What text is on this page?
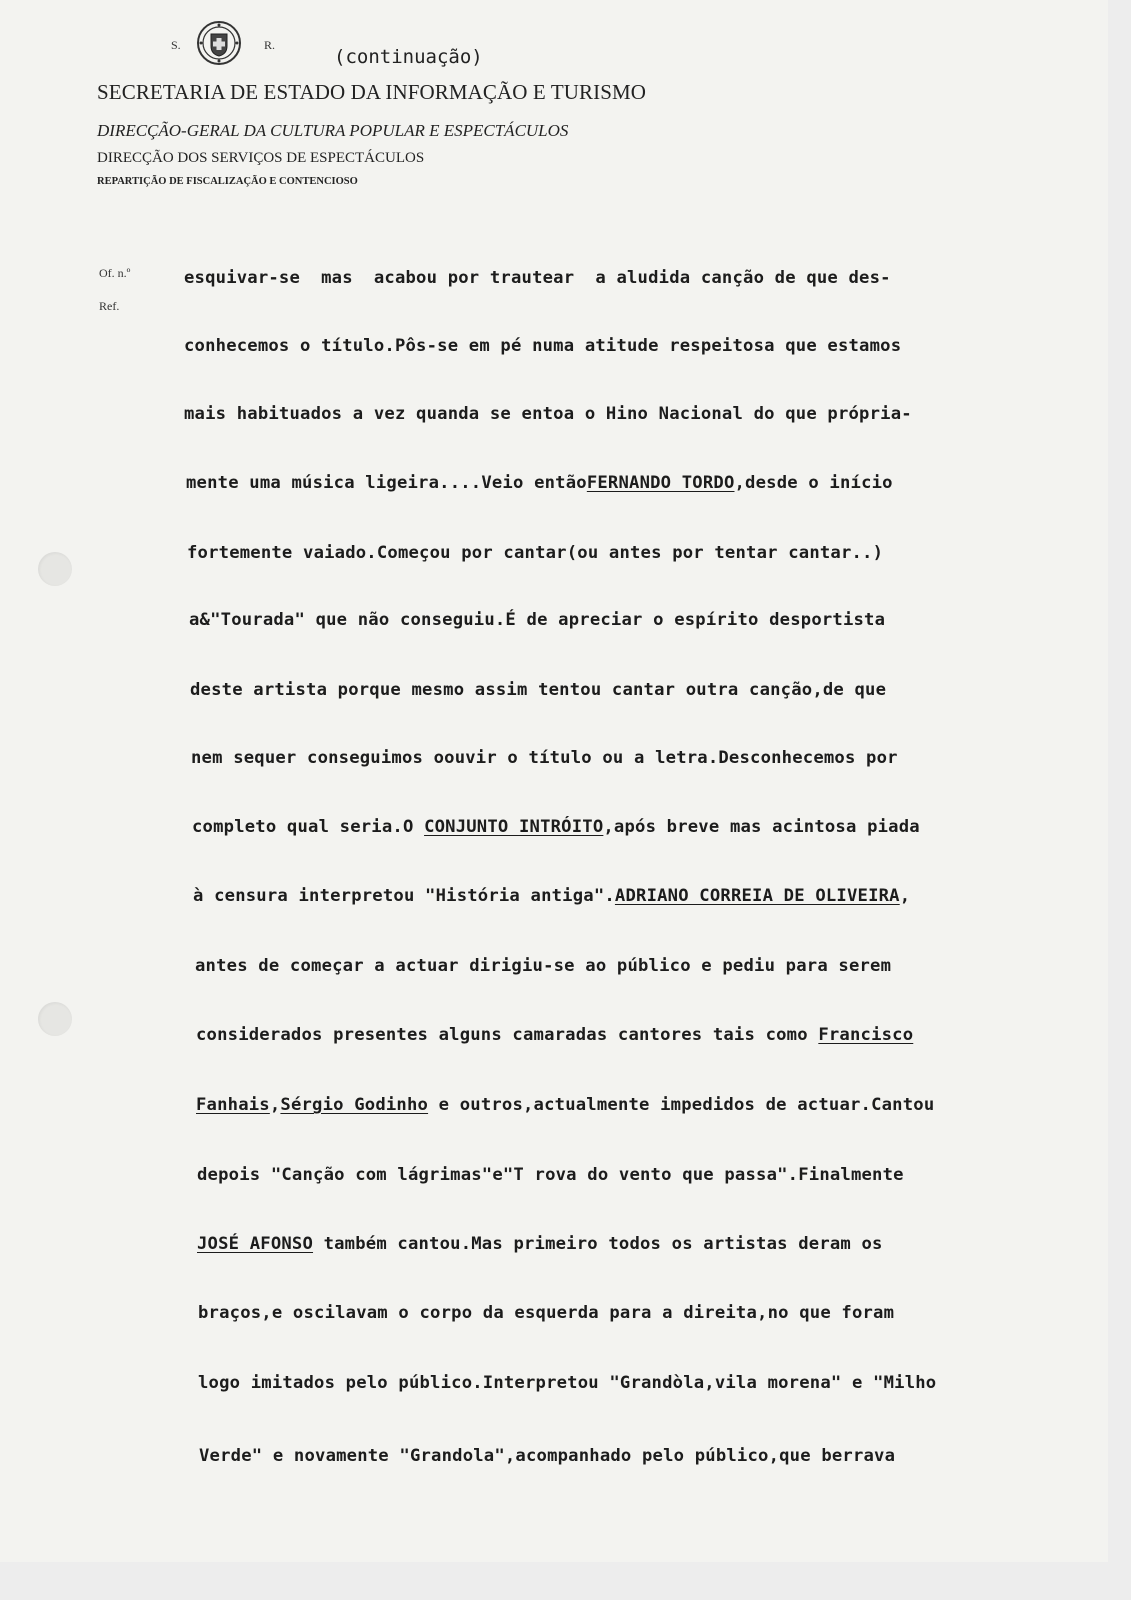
S.	R.
(continuação)
SECRETARIA DE ESTADO DA INFORMAÇÃO E TURISMO
DIRECÇÃO-GERAL DA CULTURA POPULAR E ESPECTÁCULOS
DIRECÇÃO DOS SERVIÇOS DE ESPECTÁCULOS
REPARTIÇÃO DE FISCALIZAÇÃO E CONTENCIOSO
Of. n.º
Ref.
esquivar-se  mas  acabou por trautear  a aludida canção de que des-
conhecemos o título.Pôs-se em pé numa atitude respeitosa que estamos
mais habituados a vez quanda se entoa o Hino Nacional do que própria-
mente uma música ligeira....Veio entãoFERNANDO TORDO,desde o início
fortemente vaiado.Começou por cantar(ou antes por tentar cantar..)
a&"Tourada" que não conseguiu.É de apreciar o espírito desportista
deste artista porque mesmo assim tentou cantar outra canção,de que
nem sequer conseguimos oouvir o título ou a letra.Desconhecemos por
completo qual seria.O CONJUNTO INTRÓITO,após breve mas acintosa piada
à censura interpretou "História antiga".ADRIANO CORREIA DE OLIVEIRA,
antes de começar a actuar dirigiu-se ao público e pediu para serem
considerados presentes alguns camaradas cantores tais como Francisco
Fanhais,Sérgio Godinho e outros,actualmente impedidos de actuar.Cantou
depois "Canção com lágrimas"e"T rova do vento que passa".Finalmente
JOSÉ AFONSO também cantou.Mas primeiro todos os artistas deram os
braços,e oscilavam o corpo da esquerda para a direita,no que foram
logo imitados pelo público.Interpretou "Grandòla,vila morena" e "Milho
Verde" e novamente "Grandola",acompanhado pelo público,que berrava
